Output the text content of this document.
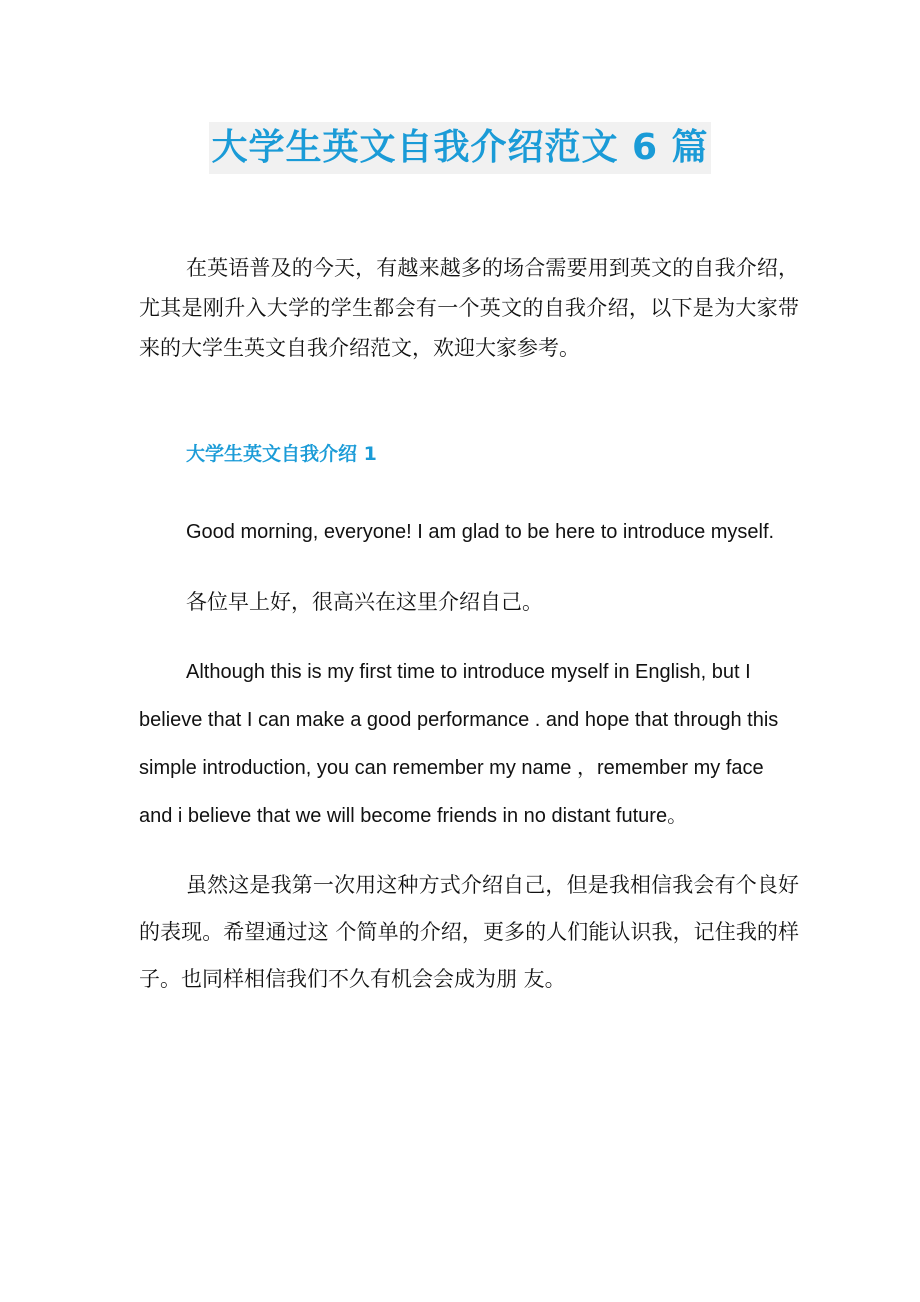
大学生英文自我介绍范文 6 篇

在英语普及的今天，有越来越多的场合需要用到英文的自我介绍，尤其是刚升入大学的学生都会有一个英文的自我介绍，以下是为大家带来的大学生英文自我介绍范文，欢迎大家参考。

大学生英文自我介绍 1

Good morning, everyone! I am glad to be here to introduce myself.

各位早上好，很高兴在这里介绍自己。

Although this is my first time to introduce myself in English, but I believe that I can make a good performance . and hope that through this simple introduction, you can remember my name ，remember my face and i believe that we will become friends in no distant future。

虽然这是我第一次用这种方式介绍自己，但是我相信我会有个良好的表现。希望通过这 个简单的介绍，更多的人们能认识我，记住我的样子。也同样相信我们不久有机会会成为朋 友。
